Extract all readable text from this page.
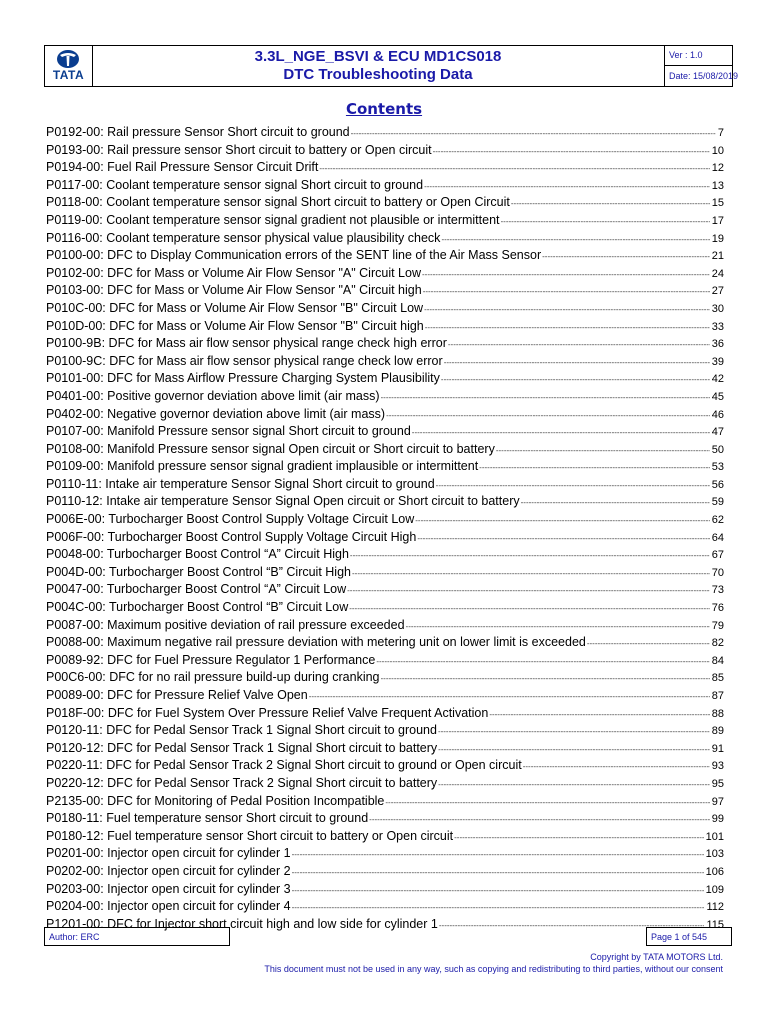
TATA
3.3L_NGE_BSVI & ECU MD1CS018
DTC Troubleshooting Data
Ver : 1.0
Date: 15/08/2019
Contents
P0192-00: Rail pressure Sensor Short circuit to ground -----	7
P0193-00: Rail pressure sensor Short circuit to battery or Open circuit -----	10
P0194-00: Fuel Rail Pressure Sensor Circuit Drift -----	12
P0117-00: Coolant temperature sensor signal Short circuit to ground -----	13
P0118-00: Coolant temperature sensor signal Short circuit to battery or Open Circuit -----	15
P0119-00: Coolant temperature sensor signal gradient not plausible or intermittent -----	17
P0116-00: Coolant temperature sensor physical value plausibility check -----	19
P0100-00: DFC to Display Communication errors of the SENT line of the Air Mass Sensor -----	21
P0102-00: DFC for Mass or Volume Air Flow Sensor "A" Circuit Low -----	24
P0103-00: DFC for Mass or Volume Air Flow Sensor "A" Circuit high -----	27
P010C-00: DFC for Mass or Volume Air Flow Sensor "B" Circuit Low -----	30
P010D-00: DFC for Mass or Volume Air Flow Sensor "B" Circuit high -----	33
P0100-9B: DFC for Mass air flow sensor physical range check high error -----	36
P0100-9C: DFC for Mass air flow sensor physical range check low error -----	39
P0101-00: DFC for Mass Airflow Pressure Charging System Plausibility -----	42
P0401-00: Positive governor deviation above limit (air mass) -----	45
P0402-00: Negative governor deviation above limit (air mass) -----	46
P0107-00: Manifold Pressure sensor signal Short circuit to ground -----	47
P0108-00: Manifold Pressure sensor signal Open circuit or Short circuit to battery -----	50
P0109-00: Manifold pressure sensor signal gradient implausible or intermittent -----	53
P0110-11: Intake air temperature Sensor Signal Short circuit to ground -----	56
P0110-12: Intake air temperature Sensor Signal Open circuit or Short circuit to battery -----	59
P006E-00: Turbocharger Boost Control Supply Voltage Circuit Low -----	62
P006F-00: Turbocharger Boost Control Supply Voltage Circuit High -----	64
P0048-00: Turbocharger Boost Control “A” Circuit High -----	67
P004D-00: Turbocharger Boost Control “B” Circuit High -----	70
P0047-00: Turbocharger Boost Control “A” Circuit Low -----	73
P004C-00: Turbocharger Boost Control “B” Circuit Low -----	76
P0087-00: Maximum positive deviation of rail pressure exceeded -----	79
P0088-00: Maximum negative rail pressure deviation with metering unit on lower limit is exceeded -----	82
P0089-92: DFC for Fuel Pressure Regulator 1 Performance -----	84
P00C6-00: DFC for no rail pressure build-up during cranking -----	85
P0089-00: DFC for Pressure Relief Valve Open -----	87
P018F-00: DFC for Fuel System Over Pressure Relief Valve Frequent Activation -----	88
P0120-11: DFC for Pedal Sensor Track 1 Signal Short circuit to ground -----	89
P0120-12: DFC for Pedal Sensor Track 1 Signal Short circuit to battery -----	91
P0220-11: DFC for Pedal Sensor Track 2 Signal Short circuit to ground or Open circuit -----	93
P0220-12: DFC for Pedal Sensor Track 2 Signal Short circuit to battery -----	95
P2135-00: DFC for Monitoring of Pedal Position Incompatible -----	97
P0180-11: Fuel temperature sensor Short circuit to ground -----	99
P0180-12: Fuel temperature sensor Short circuit to battery or Open circuit -----	101
P0201-00: Injector open circuit for cylinder 1 -----	103
P0202-00: Injector open circuit for cylinder 2 -----	106
P0203-00: Injector open circuit for cylinder 3 -----	109
P0204-00: Injector open circuit for cylinder 4 -----	112
P1201-00: DFC for Injector short circuit high and low side for cylinder 1 -----	115
Author: ERC	Page 1 of 545
Copyright by TATA MOTORS Ltd.
This document must not be used in any way, such as copying and redistributing to third parties, without our consent
